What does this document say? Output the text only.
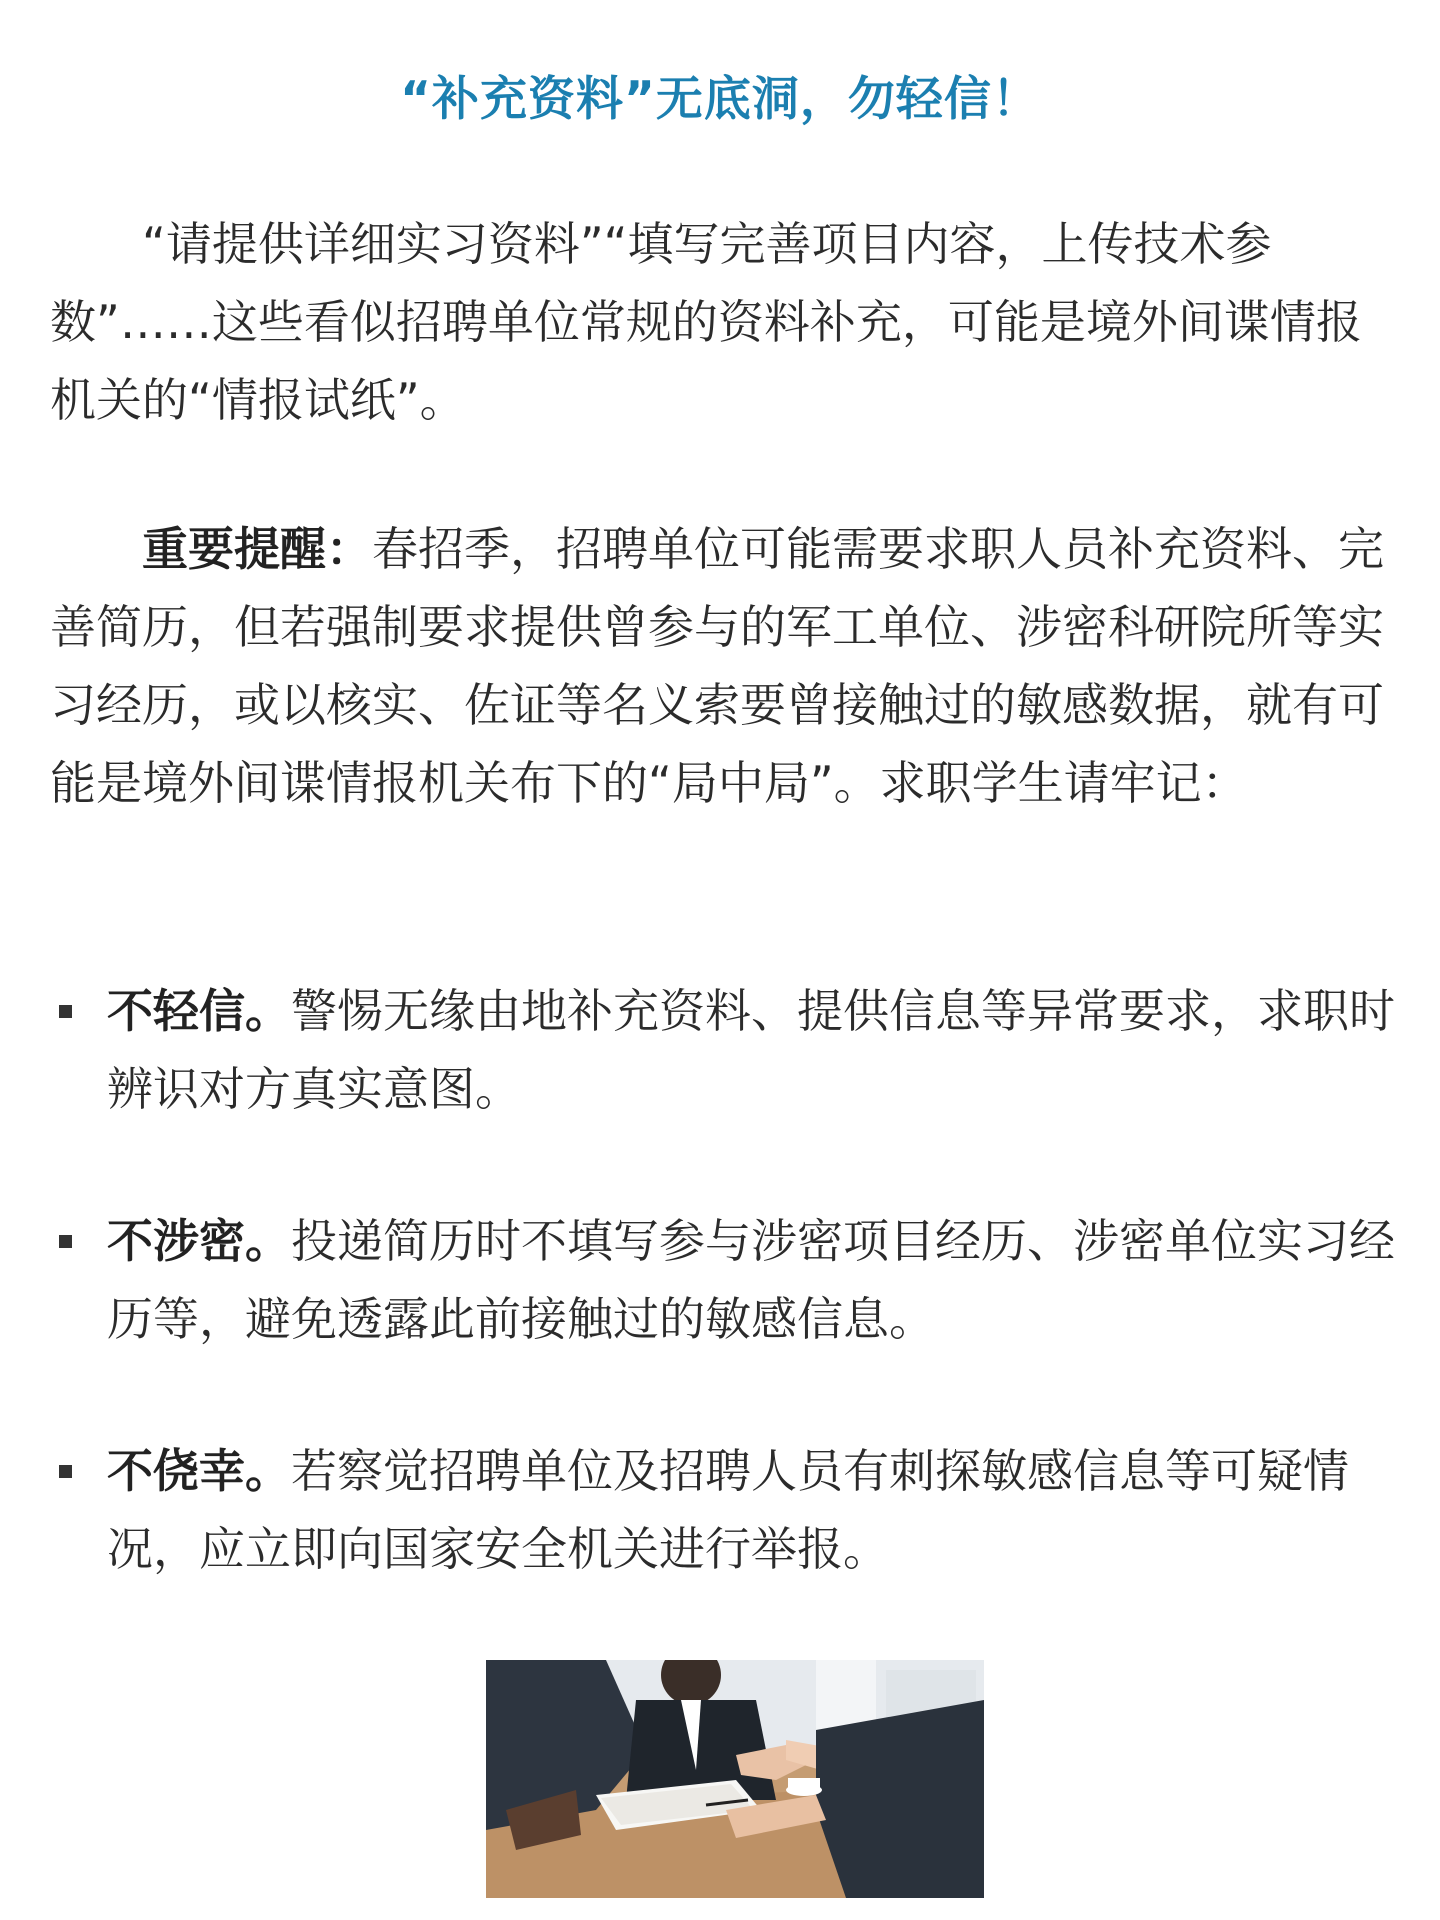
“补充资料”无底洞，勿轻信！

“请提供详细实习资料”“填写完善项目内容，上传技术参数”……这些看似招聘单位常规的资料补充，可能是境外间谍情报机关的“情报试纸”。

重要提醒：春招季，招聘单位可能需要求职人员补充资料、完善简历，但若强制要求提供曾参与的军工单位、涉密科研院所等实习经历，或以核实、佐证等名义索要曾接触过的敏感数据，就有可能是境外间谍情报机关布下的“局中局”。求职学生请牢记：

不轻信。警惕无缘由地补充资料、提供信息等异常要求，求职时辨识对方真实意图。
不涉密。投递简历时不填写参与涉密项目经历、涉密单位实习经历等，避免透露此前接触过的敏感信息。
不侥幸。若察觉招聘单位及招聘人员有刺探敏感信息等可疑情况，应立即向国家安全机关进行举报。
